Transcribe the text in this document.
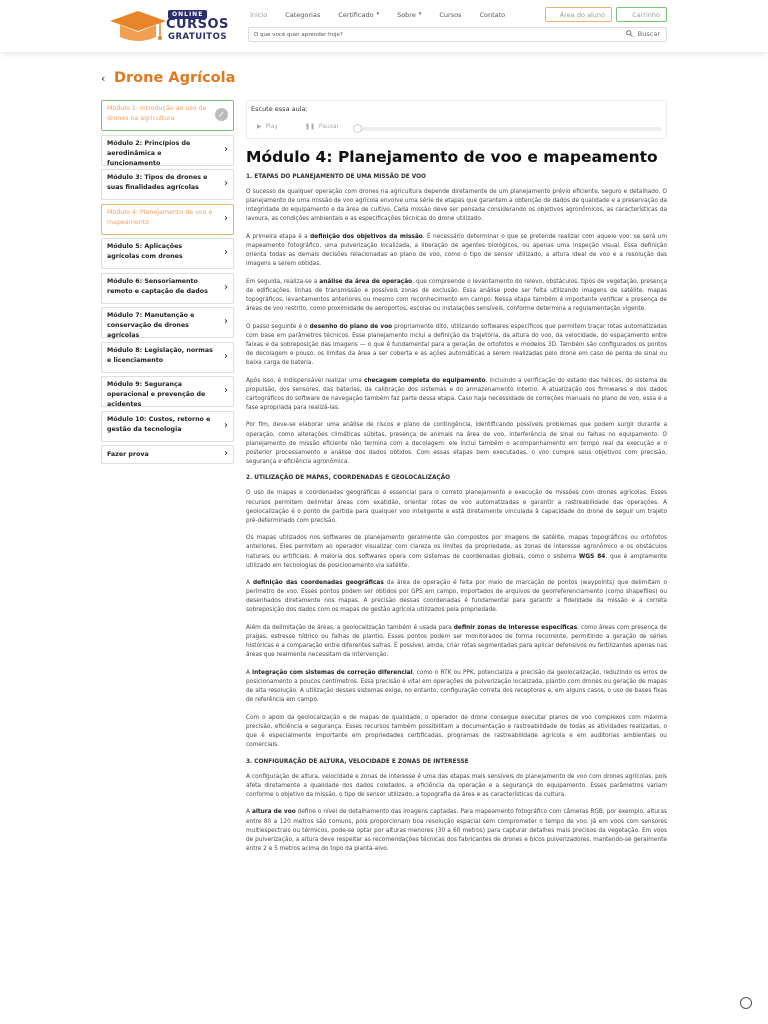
ONLINE
CURSOS
GRATUITOS
Início	Categorias	Certificado ▾	Sobre ▾	Cursos	Contato	Área do aluno	Carrinho
O que você quer aprender hoje?
Buscar
‹ Drone Agrícola
Módulo 1: Introdução ao uso de drones na agricultura	✓
Módulo 2: Princípios de aerodinâmica e funcionamento
›
Módulo 3: Tipos de drones e suas finalidades agrícolas	›
Módulo 4: Planejamento de voo e mapeamento	›
Módulo 5: Aplicações agrícolas com drones	›
Módulo 6: Sensoriamento remoto e captação de dados ›
Módulo 7: Manutenção e conservação de drones agrícolas
›
Módulo 8: Legislação, normas e licenciamento	›
Módulo 9: Segurança operacional e prevenção de acidentes
›
Módulo 10: Custos, retorno e gestão da tecnologia	›
Fazer prova	›
Escute essa aula:
▶  Play	❚❚  Pausar
Módulo 4: Planejamento de voo e mapeamento
1. ETAPAS DO PLANEJAMENTO DE UMA MISSÃO DE VOO

O sucesso de qualquer operação com drones na agricultura depende diretamente de um planejamento prévio eficiente, seguro e detalhado. O planejamento de uma missão de voo agrícola envolve uma série de etapas que garantem a obtenção de dados de qualidade e a preservação da integridade do equipamento e da área de cultivo. Cada missão deve ser pensada considerando os objetivos agronômicos, as características da lavoura, as condições ambientais e as especificações técnicas do drone utilizado.

A primeira etapa é a definição dos objetivos da missão. É necessário determinar o que se pretende realizar com aquele voo: se será um mapeamento fotográfico, uma pulverização localizada, a liberação de agentes biológicos, ou apenas uma inspeção visual. Essa definição orienta todas as demais decisões relacionadas ao plano de voo, como o tipo de sensor utilizado, a altura ideal de voo e a resolução das imagens a serem obtidas.

Em seguida, realiza-se a análise da área de operação, que compreende o levantamento do relevo, obstáculos, tipos de vegetação, presença de edificações, linhas de transmissão e possíveis zonas de exclusão. Essa análise pode ser feita utilizando imagens de satélite, mapas topográficos, levantamentos anteriores ou mesmo com reconhecimento em campo. Nessa etapa também é importante verificar a presença de áreas de voo restrito, como proximidade de aeroportos, escolas ou instalações sensíveis, conforme determina a regulamentação vigente.

O passo seguinte é o desenho do plano de voo propriamente dito, utilizando softwares específicos que permitem traçar rotas automatizadas com base em parâmetros técnicos. Esse planejamento inclui a definição da trajetória, da altura do voo, da velocidade, do espaçamento entre faixas e da sobreposição das imagens — o que é fundamental para a geração de ortofotos e modelos 3D. Também são configurados os pontos de decolagem e pouso, os limites da área a ser coberta e as ações automáticas a serem realizadas pelo drone em caso de perda de sinal ou baixa carga de bateria.

Após isso, é indispensável realizar uma checagem completa do equipamento, incluindo a verificação do estado das hélices, do sistema de propulsão, dos sensores, das baterias, da calibração dos sistemas e do armazenamento interno. A atualização dos firmwares e dos dados cartográficos do software de navegação também faz parte dessa etapa. Caso haja necessidade de correções manuais no plano de voo, essa é a fase apropriada para realizá-las.

Por fim, deve-se elaborar uma análise de riscos e plano de contingência, identificando possíveis problemas que podem surgir durante a operação, como alterações climáticas súbitas, presença de animais na área de voo, interferência de sinal ou falhas no equipamento. O planejamento de missão eficiente não termina com a decolagem: ele inclui também o acompanhamento em tempo real da execução e o posterior processamento e análise dos dados obtidos. Com essas etapas bem executadas, o voo cumpre seus objetivos com precisão, segurança e eficiência agronômica.

2. UTILIZAÇÃO DE MAPAS, COORDENADAS E GEOLOCALIZAÇÃO

O uso de mapas e coordenadas geográficas é essencial para o correto planejamento e execução de missões com drones agrícolas. Esses recursos permitem delimitar áreas com exatidão, orientar rotas de voo automatizadas e garantir a rastreabilidade das operações. A geolocalização é o ponto de partida para qualquer voo inteligente e está diretamente vinculada à capacidade do drone de seguir um trajeto pré-determinado com precisão.

Os mapas utilizados nos softwares de planejamento geralmente são compostos por imagens de satélite, mapas topográficos ou ortofotos anteriores. Eles permitem ao operador visualizar com clareza os limites da propriedade, as zonas de interesse agronômico e os obstáculos naturais ou artificiais. A maioria dos softwares opera com sistemas de coordenadas globais, como o sistema WGS 84, que é amplamente utilizado em tecnologias de posicionamento via satélite.

A definição das coordenadas geográficas da área de operação é feita por meio de marcação de pontos (waypoints) que delimitam o perímetro de voo. Esses pontos podem ser obtidos por GPS em campo, importados de arquivos de georreferenciamento (como shapefiles) ou desenhados diretamente nos mapas. A precisão dessas coordenadas é fundamental para garantir a fidelidade da missão e a correta sobreposição dos dados com os mapas de gestão agrícola utilizados pela propriedade.

Além da delimitação de áreas, a geolocalização também é usada para definir zonas de interesse específicas, como áreas com presença de pragas, estresse hídrico ou falhas de plantio. Esses pontos podem ser monitorados de forma recorrente, permitindo a geração de séries históricas e a comparação entre diferentes safras. É possível, ainda, criar rotas segmentadas para aplicar defensivos ou fertilizantes apenas nas áreas que realmente necessitam da intervenção.

A integração com sistemas de correção diferencial, como o RTK ou PPK, potencializa a precisão da geolocalização, reduzindo os erros de posicionamento a poucos centímetros. Essa precisão é vital em operações de pulverização localizada, plantio com drones ou geração de mapas de alta resolução. A utilização desses sistemas exige, no entanto, configuração correta dos receptores e, em alguns casos, o uso de bases fixas de referência em campo.

Com o apoio da geolocalização e de mapas de qualidade, o operador de drone consegue executar planos de voo complexos com máxima precisão, eficiência e segurança. Esses recursos também possibilitam a documentação e rastreabilidade de todas as atividades realizadas, o que é especialmente importante em propriedades certificadas, programas de rastreabilidade agrícola e em auditorias ambientais ou comerciais.

3. CONFIGURAÇÃO DE ALTURA, VELOCIDADE E ZONAS DE INTERESSE

A configuração de altura, velocidade e zonas de interesse é uma das etapas mais sensíveis do planejamento de voo com drones agrícolas, pois afeta diretamente a qualidade dos dados coletados, a eficiência da operação e a segurança do equipamento. Esses parâmetros variam conforme o objetivo da missão, o tipo de sensor utilizado, a topografia da área e as características da cultura.

A altura de voo define o nível de detalhamento das imagens captadas. Para mapeamento fotográfico com câmeras RGB, por exemplo, alturas entre 80 a 120 metros são comuns, pois proporcionam boa resolução espacial sem comprometer o tempo de voo. Já em voos com sensores multiespectrais ou térmicos, pode-se optar por alturas menores (30 a 60 metros) para capturar detalhes mais precisos da vegetação. Em voos de pulverização, a altura deve respeitar as recomendações técnicas dos fabricantes de drones e bicos pulverizadores, mantendo-se geralmente entre 2 e 5 metros acima do topo da planta-alvo.
